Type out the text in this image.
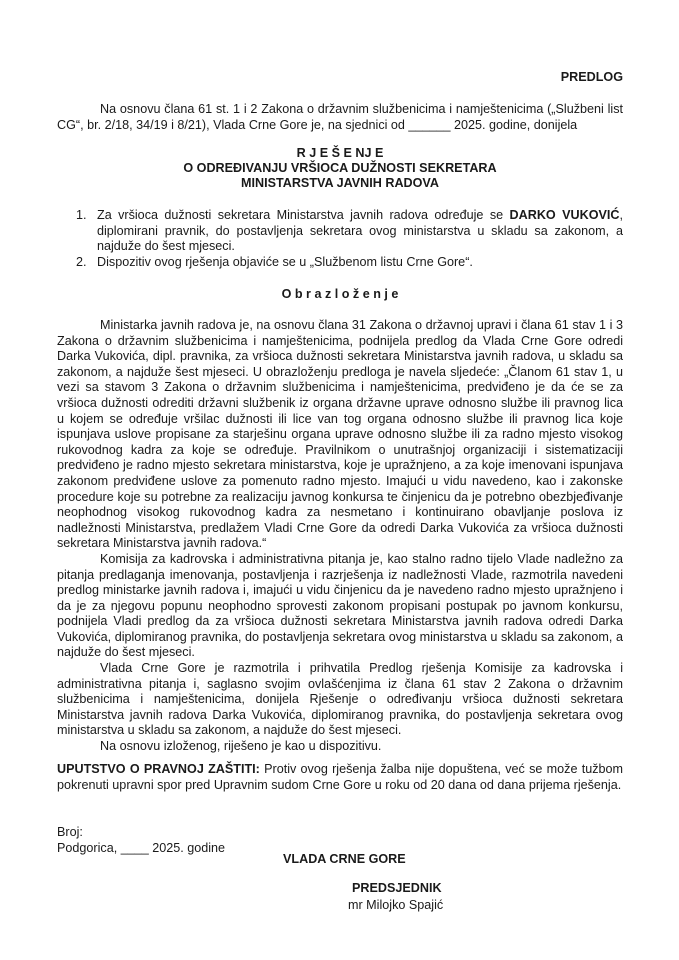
PREDLOG

Na osnovu člana 61 st. 1 i 2 Zakona o državnim službenicima i namještenicima („Službeni list CG“, br. 2/18, 34/19 i 8/21), Vlada Crne Gore je, na sjednici od ______ 2025. godine, donijela

R J E Š E NJ E
O ODREĐIVANJU VRŠIOCA DUŽNOSTI SEKRETARA
MINISTARSTVA JAVNIH RADOVA
1. Za vršioca dužnosti sekretara Ministarstva javnih radova određuje se DARKO VUKOVIĆ, diplomirani pravnik, do postavljenja sekretara ovog ministarstva u skladu sa zakonom, a najduže do šest mjeseci.
2. Dispozitiv ovog rješenja objaviće se u „Službenom listu Crne Gore“.
O b r a z l o ž e n j e

Ministarka javnih radova je, na osnovu člana 31 Zakona o državnoj upravi i člana 61 stav 1 i 3 Zakona o državnim službenicima i namještenicima, podnijela predlog da Vlada Crne Gore odredi Darka Vukovića, dipl. pravnika, za vršioca dužnosti sekretara Ministarstva javnih radova, u skladu sa zakonom, a najduže šest mjeseci. U obrazloženju predloga je navela sljedeće: „Članom 61 stav 1, u vezi sa stavom 3 Zakona o državnim službenicima i namještenicima, predviđeno je da će se za vršioca dužnosti odrediti državni službenik iz organa državne uprave odnosno službe ili pravnog lica u kojem se određuje vršilac dužnosti ili lice van tog organa odnosno službe ili pravnog lica koje ispunjava uslove propisane za starješinu organa uprave odnosno službe ili za radno mjesto visokog rukovodnog kadra za koje se određuje. Pravilnikom o unutrašnjoj organizaciji i sistematizaciji predviđeno je radno mjesto sekretara ministarstva, koje je upražnjeno, a za koje imenovani ispunjava zakonom predviđene uslove za pomenuto radno mjesto. Imajući u vidu navedeno, kao i zakonske procedure koje su potrebne za realizaciju javnog konkursa te činjenicu da je potrebno obezbjeđivanje neophodnog visokog rukovodnog kadra za nesmetano i kontinuirano obavljanje poslova iz nadležnosti Ministarstva, predlažem Vladi Crne Gore da odredi Darka Vukovića za vršioca dužnosti sekretara Ministarstva javnih radova.“

Komisija za kadrovska i administrativna pitanja je, kao stalno radno tijelo Vlade nadležno za pitanja predlaganja imenovanja, postavljenja i razrješenja iz nadležnosti Vlade, razmotrila navedeni predlog ministarke javnih radova i, imajući u vidu činjenicu da je navedeno radno mjesto upražnjeno i da je za njegovu popunu neophodno sprovesti zakonom propisani postupak po javnom konkursu, podnijela Vladi predlog da za vršioca dužnosti sekretara Ministarstva javnih radova odredi Darka Vukovića, diplomiranog pravnika, do postavljenja sekretara ovog ministarstva u skladu sa zakonom, a najduže do šest mjeseci.

Vlada Crne Gore je razmotrila i prihvatila Predlog rješenja Komisije za kadrovska i administrativna pitanja i, saglasno svojim ovlašćenjima iz člana 61 stav 2 Zakona o državnim službenicima i namještenicima, donijela Rješenje o određivanju vršioca dužnosti sekretara Ministarstva javnih radova Darka Vukovića, diplomiranog pravnika, do postavljenja sekretara ovog ministarstva u skladu sa zakonom, a najduže do šest mjeseci.

Na osnovu izloženog, riješeno je kao u dispozitivu.

UPUTSTVO O PRAVNOJ ZAŠTITI: Protiv ovog rješenja žalba nije dopuštena, već se može tužbom pokrenuti upravni spor pred Upravnim sudom Crne Gore u roku od 20 dana od dana prijema rješenja.

Broj:
Podgorica, ____ 2025. godine
VLADA CRNE GORE
PREDSJEDNIK
mr Milojko Spajić
